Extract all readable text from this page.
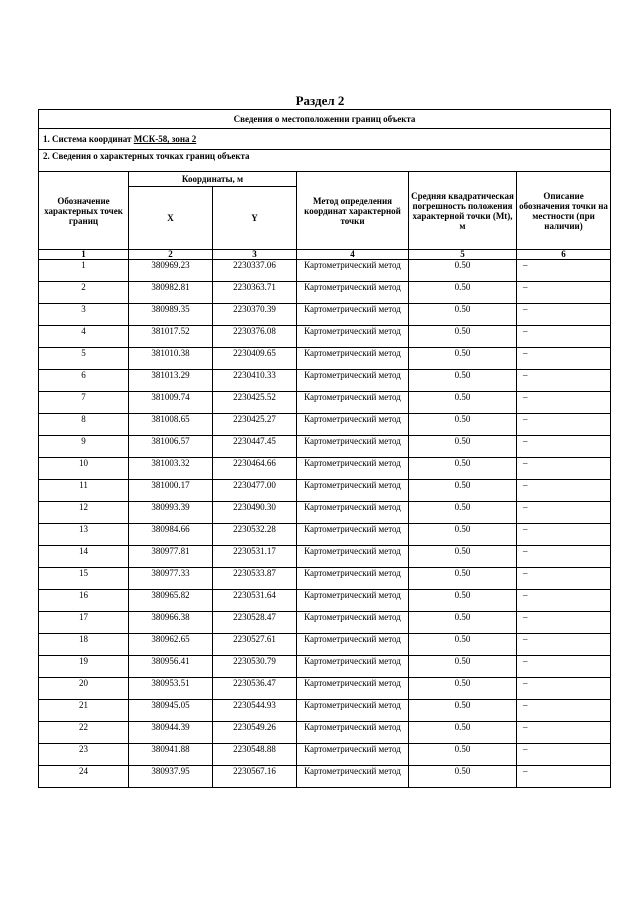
Раздел 2
Сведения о местоположении границ объекта					
1. Система координат МСК-58, зона 2					
2. Сведения о характерных точках границ объекта					
Обозначение характерных точек границ	Координаты, м		Метод определения координат характерной точки	Средняя квадратическая погрешность положения характерной точки (Mt), м	Описание обозначения точки на местности (при наличии)
	X	Y			
1	2	3	4	5	6
1	380969.23	2230337.06	Картометрический метод	0.50	–
2	380982.81	2230363.71	Картометрический метод	0.50	–
3	380989.35	2230370.39	Картометрический метод	0.50	–
4	381017.52	2230376.08	Картометрический метод	0.50	–
5	381010.38	2230409.65	Картометрический метод	0.50	–
6	381013.29	2230410.33	Картометрический метод	0.50	–
7	381009.74	2230425.52	Картометрический метод	0.50	–
8	381008.65	2230425.27	Картометрический метод	0.50	–
9	381006.57	2230447.45	Картометрический метод	0.50	–
10	381003.32	2230464.66	Картометрический метод	0.50	–
11	381000.17	2230477.00	Картометрический метод	0.50	–
12	380993.39	2230490.30	Картометрический метод	0.50	–
13	380984.66	2230532.28	Картометрический метод	0.50	–
14	380977.81	2230531.17	Картометрический метод	0.50	–
15	380977.33	2230533.87	Картометрический метод	0.50	–
16	380965.82	2230531.64	Картометрический метод	0.50	–
17	380966.38	2230528.47	Картометрический метод	0.50	–
18	380962.65	2230527.61	Картометрический метод	0.50	–
19	380956.41	2230530.79	Картометрический метод	0.50	–
20	380953.51	2230536.47	Картометрический метод	0.50	–
21	380945.05	2230544.93	Картометрический метод	0.50	–
22	380944.39	2230549.26	Картометрический метод	0.50	–
23	380941.88	2230548.88	Картометрический метод	0.50	–
24	380937.95	2230567.16	Картометрический метод	0.50	–
